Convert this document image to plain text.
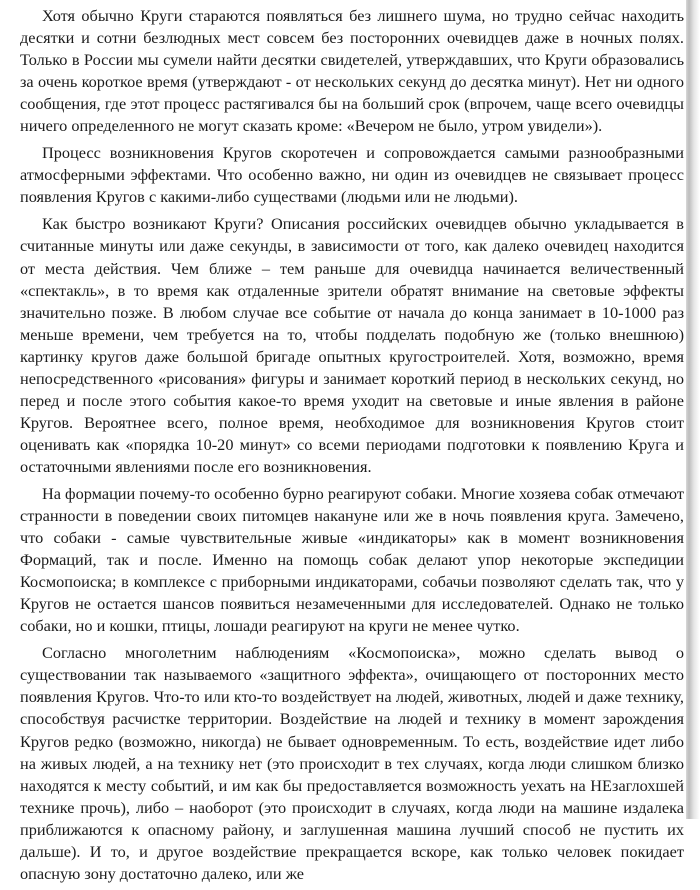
Хотя обычно Круги стараются появляться без лишнего шума, но трудно сейчас находить десятки и сотни безлюдных мест совсем без посторонних очевидцев даже в ночных полях. Только в России мы сумели найти десятки свидетелей, утверждавших, что Круги образовались за очень короткое время (утверждают - от нескольких секунд до десятка минут). Нет ни одного сообщения, где этот процесс растягивался бы на больший срок (впрочем, чаще всего очевидцы ничего определенного не могут сказать кроме: «Вечером не было, утром увидели»).

Процесс возникновения Кругов скоротечен и сопровождается самыми разнообразными атмосферными эффектами. Что особенно важно, ни один из очевидцев не связывает процесс появления Кругов с какими-либо существами (людьми или не людьми).

Как быстро возникают Круги? Описания российских очевидцев обычно укладывается в считанные минуты или даже секунды, в зависимости от того, как далеко очевидец находится от места действия. Чем ближе – тем раньше для очевидца начинается величественный «спектакль», в то время как отдаленные зрители обратят внимание на световые эффекты значительно позже. В любом случае все событие от начала до конца занимает в 10-1000 раз меньше времени, чем требуется на то, чтобы подделать подобную же (только внешнюю) картинку кругов даже большой бригаде опытных кругостроителей. Хотя, возможно, время непосредственного «рисования» фигуры и занимает короткий период в нескольких секунд, но перед и после этого события какое-то время уходит на световые и иные явления в районе Кругов. Вероятнее всего, полное время, необходимое для возникновения Кругов стоит оценивать как «порядка 10-20 минут» со всеми периодами подготовки к появлению Круга и остаточными явлениями после его возникновения.

На формации почему-то особенно бурно реагируют собаки. Многие хозяева собак отмечают странности в поведении своих питомцев накануне или же в ночь появления круга. Замечено, что собаки - самые чувствительные живые «индикаторы» как в момент возникновения Формаций, так и после. Именно на помощь собак делают упор некоторые экспедиции Космопоиска; в комплексе с приборными индикаторами, собачьи позволяют сделать так, что у Кругов не остается шансов появиться незамеченными для исследователей. Однако не только собаки, но и кошки, птицы, лошади реагируют на круги не менее чутко.

Согласно многолетним наблюдениям «Космопоиска», можно сделать вывод о существовании так называемого «защитного эффекта», очищающего от посторонних место появления Кругов. Что-то или кто-то воздействует на людей, животных, людей и даже технику, способствуя расчистке территории. Воздействие на людей и технику в момент зарождения Кругов редко (возможно, никогда) не бывает одновременным. То есть, воздействие идет либо на живых людей, а на технику нет (это происходит в тех случаях, когда люди слишком близко находятся к месту событий, и им как бы предоставляется возможность уехать на НЕзаглохшей технике прочь), либо – наоборот (это происходит в случаях, когда люди на машине издалека приближаются к опасному району, и заглушенная машина лучший способ не пустить их дальше). И то, и другое воздействие прекращается вскоре, как только человек покидает опасную зону достаточно далеко, или же
